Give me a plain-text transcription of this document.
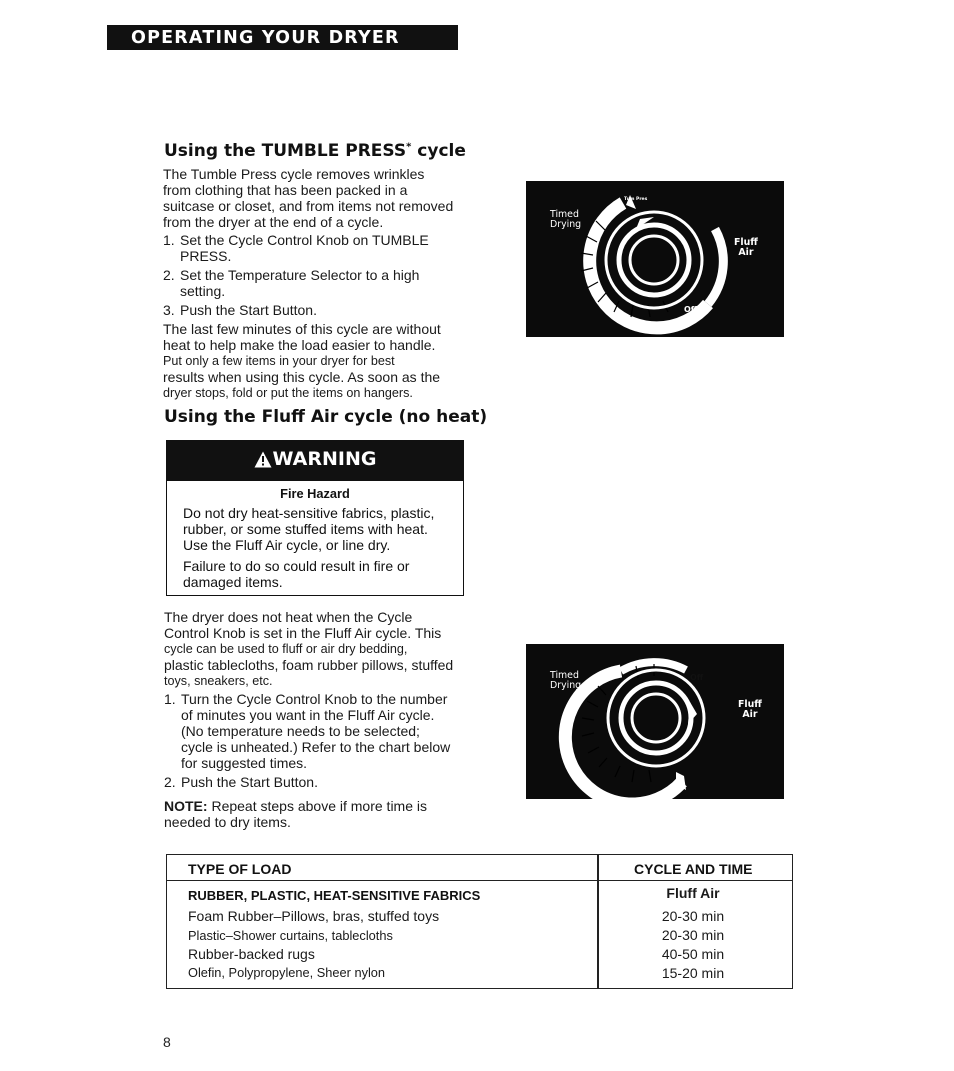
OPERATING YOUR DRYER
Using the TUMBLE PRESS* cycle

The Tumble Press cycle removes wrinkles

from clothing that has been packed in a

suitcase or closet, and from items not removed

from the dryer at the end of a cycle.

1. Set the Cycle Control Knob on TUMBLE
PRESS.
2. Set the Temperature Selector to a high
setting.
3. Push the Start Button.

The last few minutes of this cycle are without

heat to help make the load easier to handle.

Put only a few items in your dryer for best

results when using this cycle. As soon as the

dryer stops, fold or put the items on hangers.

Timed
Drying
Tum Pres
Fluff
Air
Off
Using the Fluff Air cycle (no heat)
WARNING
Fire Hazard

Do not dry heat-sensitive fabrics, plastic,

rubber, or some stuffed items with heat.

Use the Fluff Air cycle, or line dry.

Failure to do so could result in fire or

damaged items.

The dryer does not heat when the Cycle

Control Knob is set in the Fluff Air cycle. This

cycle can be used to fluff or air dry bedding,

plastic tablecloths, foam rubber pillows, stuffed

toys, sneakers, etc.

1. Turn the Cycle Control Knob to the number
of minutes you want in the Fluff Air cycle.
(No temperature needs to be selected;
cycle is unheated.) Refer to the chart below
for suggested times.
2. Push the Start Button.
NOTE: Repeat steps above if more time is
needed to dry items.
Timed
Drying
Off
Fluff
Air
TYPE OF LOAD	CYCLE AND TIME
RUBBER, PLASTIC, HEAT-SENSITIVE FABRICS	Fluff Air
Foam Rubber–Pillows, bras, stuffed toys	20-30 min
Plastic–Shower curtains, tablecloths	20-30 min
Rubber-backed rugs	40-50 min
Olefin, Polypropylene, Sheer nylon	15-20 min
8
